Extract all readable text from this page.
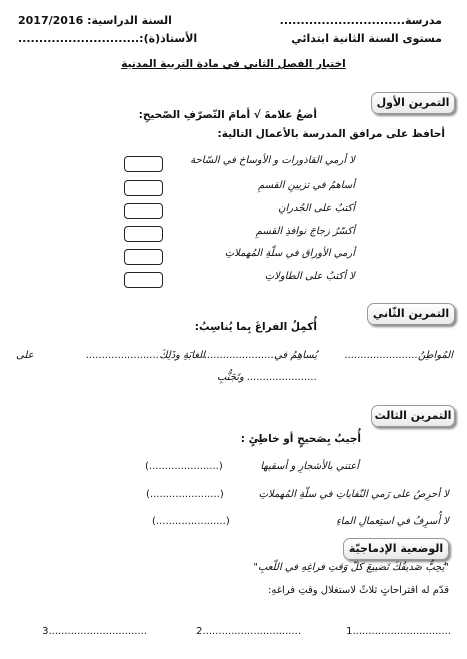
مدرسة..............................
السنة الدراسية: 2017/2016
مستوى السنة الثانية ابتدائي
الأستاذ(ة):.............................
اختبار الفصل الثاني في مادة التربية المدنية
التمرين الأول
أضعُ علامةَ √ أمامَ التّصرّفِ الصّحيحِ:
أحافظ على مرافق المدرسة بالأعمال التالية:
لا أرمي القاذورات و الأوساخ في السّاحة
أساهمُ في تزيينِ القسمِ
أكتبُ على الجُدرانِ
أكسّرُ زجاجَ نوافذِ القسمِ
أرمي الأوراق في سلّةِ المُهملاتِ
لا أكتبُ على الطاولاتِ
التمرين الثّاني
أُكمِلُ الفراغَ بِما يُناسِبُ:
المُواطِنُ.......................
يُساهِمُ في.......................
الغابَةِ وذَلِكَ.......................
على
...................... وتَجَنُّبِ
التمرين الثالث
أُجيبُ بِصَحيحٍ أو خاطِئٍ :
أعتني بالأشجارِ و أسقيها
(......................)
لا أحرِصُ على رَمي النّفاياتِ في سلّةِ المُهملاتِ
(......................)
لا أُسرِفُ في استِعمالِ الماءِ
(......................)
الوضعية الإدماجيّة
"يُحِبُّ صَديقُكَ تَضييعَ كلّ وَقتِ فراغِهِ في اللّعبِ"
قدّم له اقتراحاتٍ ثلاثً لاستغلال وقتِ فراغهِ:
1...............................
2...............................
3...............................
